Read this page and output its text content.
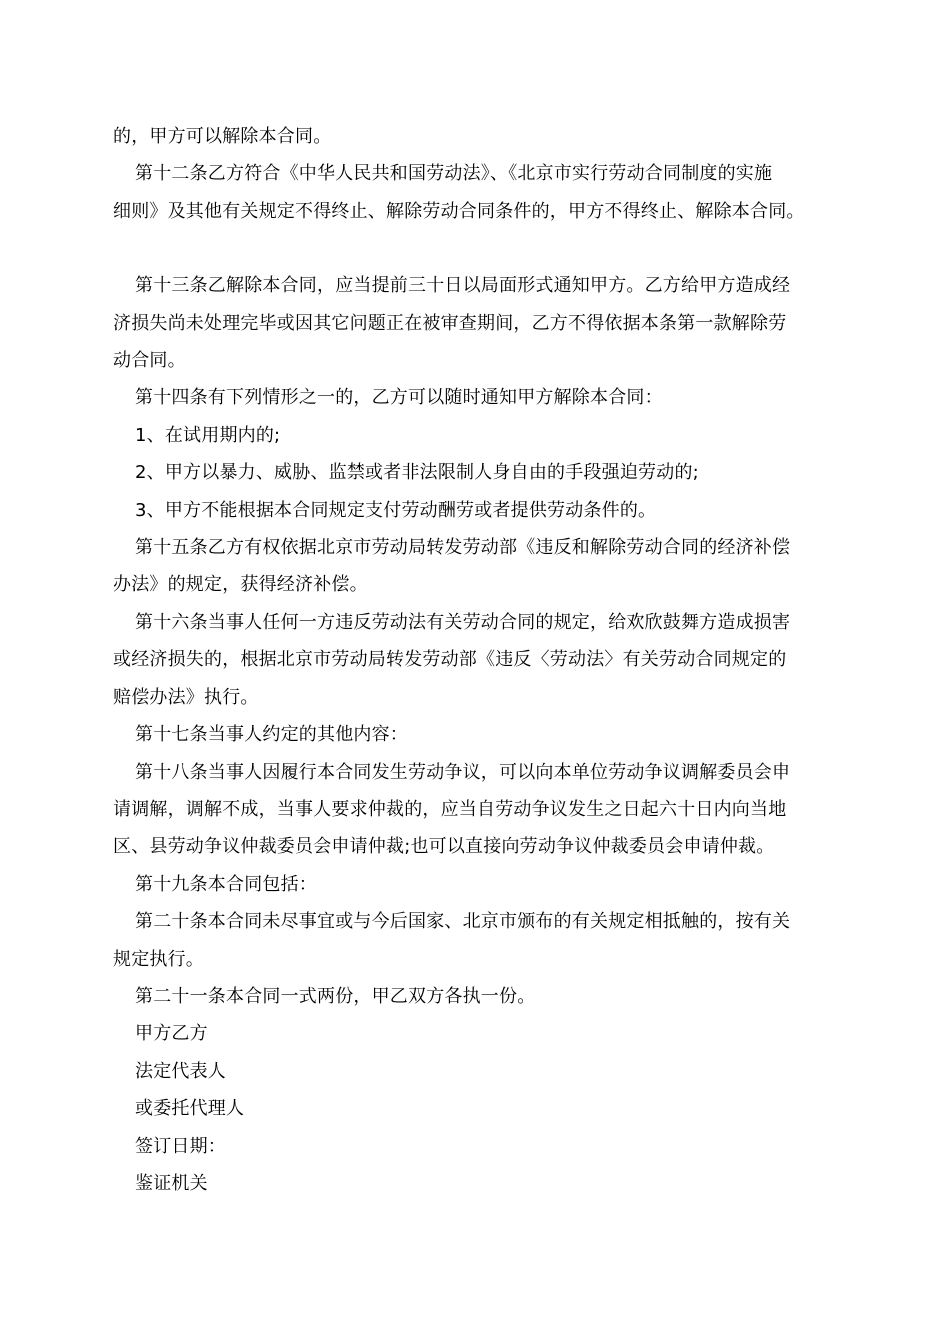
的，甲方可以解除本合同。
第十二条乙方符合《中华人民共和国劳动法》、《北京市实行劳动合同制度的实施
细则》及其他有关规定不得终止、解除劳动合同条件的，甲方不得终止、解除本合同。
第十三条乙解除本合同，应当提前三十日以局面形式通知甲方。乙方给甲方造成经
济损失尚未处理完毕或因其它问题正在被审查期间，乙方不得依据本条第一款解除劳
动合同。
第十四条有下列情形之一的，乙方可以随时通知甲方解除本合同：
1、在试用期内的;
2、甲方以暴力、威胁、监禁或者非法限制人身自由的手段强迫劳动的;
3、甲方不能根据本合同规定支付劳动酬劳或者提供劳动条件的。
第十五条乙方有权依据北京市劳动局转发劳动部《违反和解除劳动合同的经济补偿
办法》的规定，获得经济补偿。
第十六条当事人任何一方违反劳动法有关劳动合同的规定，给欢欣鼓舞方造成损害
或经济损失的，根据北京市劳动局转发劳动部《违反〈劳动法〉有关劳动合同规定的
赔偿办法》执行。
第十七条当事人约定的其他内容：
第十八条当事人因履行本合同发生劳动争议，可以向本单位劳动争议调解委员会申
请调解，调解不成，当事人要求仲裁的，应当自劳动争议发生之日起六十日内向当地
区、县劳动争议仲裁委员会申请仲裁;也可以直接向劳动争议仲裁委员会申请仲裁。
第十九条本合同包括：
第二十条本合同未尽事宜或与今后国家、北京市颁布的有关规定相抵触的，按有关
规定执行。
第二十一条本合同一式两份，甲乙双方各执一份。
甲方乙方
法定代表人
或委托代理人
签订日期：
鉴证机关
